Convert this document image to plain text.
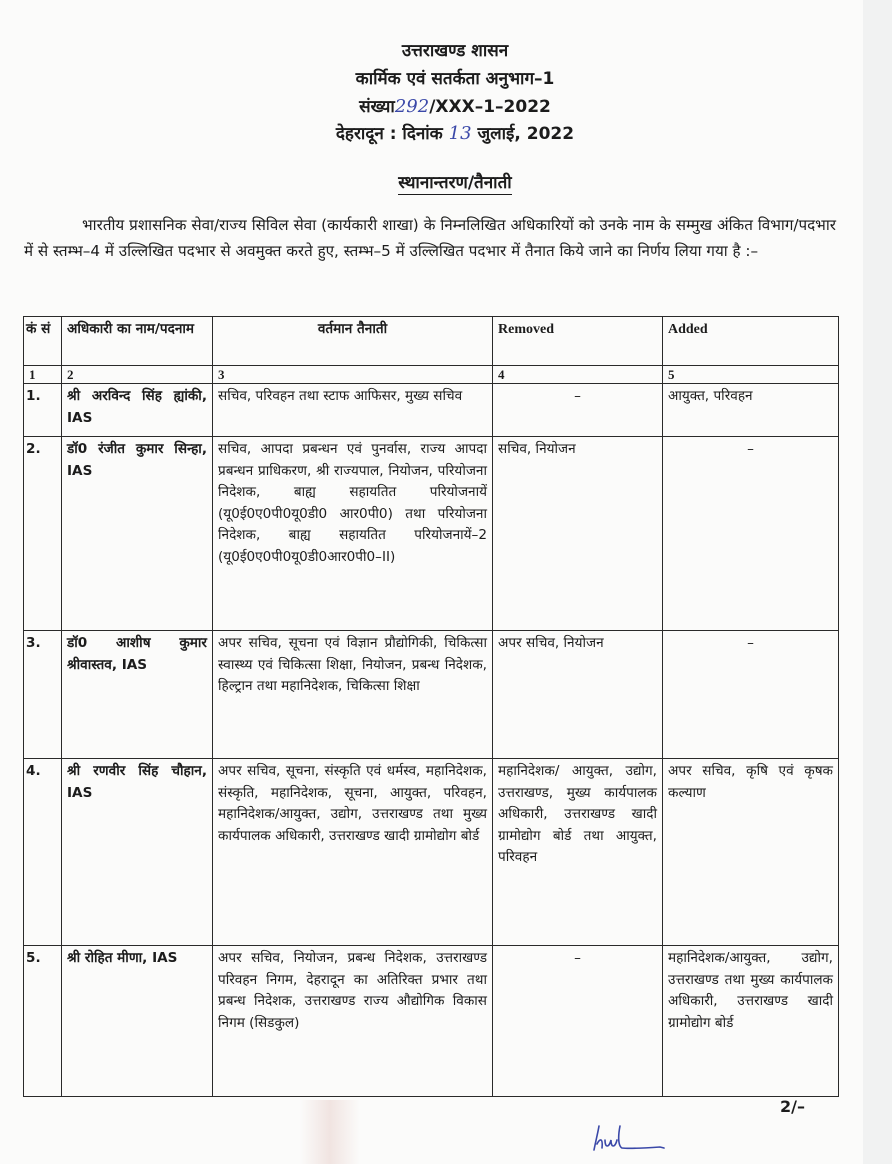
उत्तराखण्ड शासन
कार्मिक एवं सतर्कता अनुभाग–1
संख्या292/XXX–1–2022
देहरादून : दिनांक 13 जुलाई, 2022
स्थानान्तरण/तैनाती
भारतीय प्रशासनिक सेवा/राज्य सिविल सेवा (कार्यकारी शाखा) के निम्नलिखित अधिकारियों को उनके नाम के सम्मुख अंकित विभाग/पदभार में से स्तम्भ–4 में उल्लिखित पदभार से अवमुक्त करते हुए, स्तम्भ–5 में उल्लिखित पदभार में तैनात किये जाने का निर्णय लिया गया है :–
कं सं	अधिकारी का नाम/पदनाम	वर्तमान तैनाती	Removed	Added
1	2	3	4	5
1.	श्री अरविन्द सिंह ह्यांकी, IAS	सचिव, परिवहन तथा स्टाफ आफिसर, मुख्य सचिव	–	आयुक्त, परिवहन
2.	डॉ0 रंजीत कुमार सिन्हा, IAS	सचिव, आपदा प्रबन्धन एवं पुनर्वास, राज्य आपदा प्रबन्धन प्राधिकरण, श्री राज्यपाल, नियोजन, परियोजना निदेशक, बाह्य सहायतित परियोजनायें (यू0ई0ए0पी0यू0डी0 आर0पी0) तथा परियोजना निदेशक, बाह्य सहायतित परियोजनायें–2 (यू0ई0ए0पी0यू0डी0आर0पी0–II)	सचिव, नियोजन	–
3.	डॉ0 आशीष कुमार श्रीवास्तव, IAS	अपर सचिव, सूचना एवं विज्ञान प्रौद्योगिकी, चिकित्सा स्वास्थ्य एवं चिकित्सा शिक्षा, नियोजन, प्रबन्ध निदेशक, हिल्ट्रान तथा महानिदेशक, चिकित्सा शिक्षा	अपर सचिव, नियोजन	–
4.	श्री रणवीर सिंह चौहान, IAS	अपर सचिव, सूचना, संस्कृति एवं धर्मस्व, महानिदेशक, संस्कृति, महानिदेशक, सूचना, आयुक्त, परिवहन, महानिदेशक/आयुक्त, उद्योग, उत्तराखण्ड तथा मुख्य कार्यपालक अधिकारी, उत्तराखण्ड खादी ग्रामोद्योग बोर्ड	महानिदेशक/ आयुक्त, उद्योग, उत्तराखण्ड, मुख्य कार्यपालक अधिकारी, उत्तराखण्ड खादी ग्रामोद्योग बोर्ड तथा आयुक्त, परिवहन	अपर सचिव, कृषि एवं कृषक कल्याण
5.	श्री रोहित मीणा, IAS	अपर सचिव, नियोजन, प्रबन्ध निदेशक, उत्तराखण्ड परिवहन निगम, देहरादून का अतिरिक्त प्रभार तथा प्रबन्ध निदेशक, उत्तराखण्ड राज्य औद्योगिक विकास निगम (सिडकुल)	–	महानिदेशक/आयुक्त, उद्योग, उत्तराखण्ड तथा मुख्य कार्यपालक अधिकारी, उत्तराखण्ड खादी ग्रामोद्योग बोर्ड
2/–
